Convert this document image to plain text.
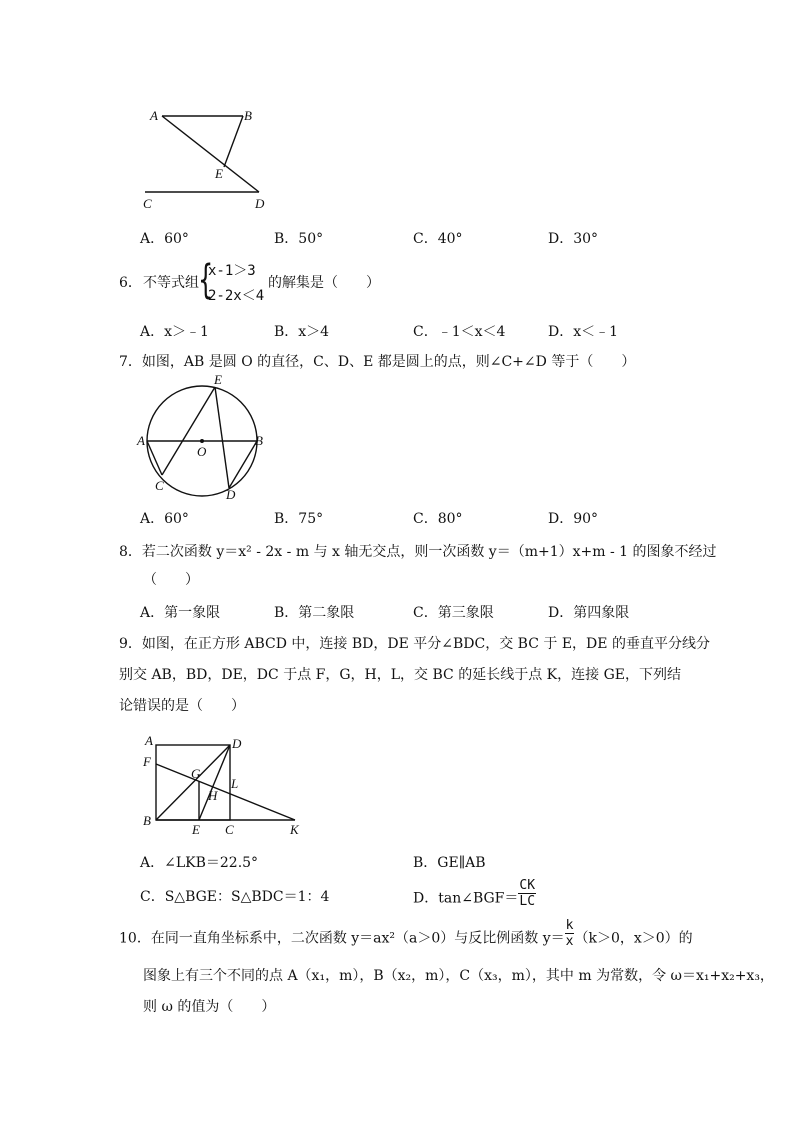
A	B
E
C	D
A．60°	B．50°	C．40°	D．30°
6． 不等式组 {
x-1＞3
2-2x＜4
的解集是（　　）
A．x＞﹣1	B．x＞4	C．﹣1＜x＜4	D．x＜﹣1
7．如图，AB 是圆 O 的直径，C、D、E 都是圆上的点，则∠C+∠D 等于（　　）
A	B
E
O
C
D
A．60°	B．75°	C．80°	D．90°
8．若二次函数 y＝x² - 2x - m 与 x 轴无交点，则一次函数 y＝（m+1）x+m - 1 的图象不经过
（　　）
A．第一象限	B．第二象限	C．第三象限	D．第四象限
9．如图，在正方形 ABCD 中，连接 BD，DE 平分∠BDC，交 BC 于 E，DE 的垂直平分线分
别交 AB，BD，DE，DC 于点 F，G，H，L，交 BC 的延长线于点 K，连接 GE，下列结
论错误的是（　　）
A	D
F
G
L
H
B
E C	K
A．∠LKB＝22.5°	B．GE∥AB
C．S△BGE：S△BDC＝1：4	D．tan∠BGF＝ $\frac{CK}{LC}$
10．在同一直角坐标系中，二次函数 y＝ax²（a＞0）与反比例函数 $y= \frac{k}{x} (k>0$，x＞0）的
图象上有三个不同的点 A（x₁，m），B（x₂，m），C（x₃，m），其中 m 为常数，令 ω＝x₁+x₂+x₃，
则 ω 的值为（　　）
